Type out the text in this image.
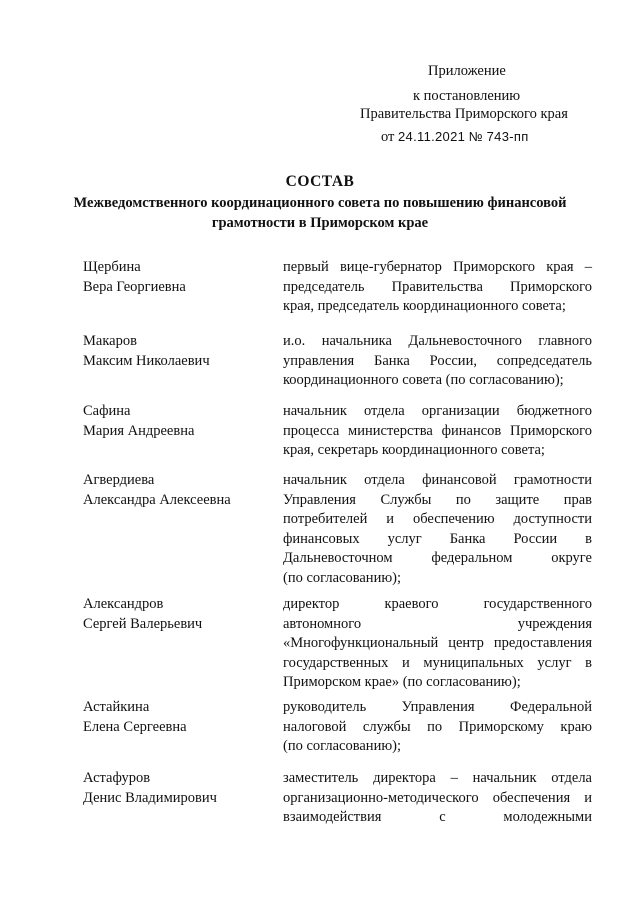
Приложение
к постановлению
Правительства Приморского края
от 24.11.2021 № 743-пп
СОСТАВ
Межведомственного координационного совета по повышению финансовой
грамотности в Приморском крае
Щербина
Вера Георгиевна
первый вице-губернатор Приморского края –
председатель Правительства Приморского
края, председатель координационного совета;
Макаров
Максим Николаевич
и.о. начальника Дальневосточного главного
управления Банка России, сопредседатель
координационного совета (по согласованию);
Сафина
Мария Андреевна
начальник отдела организации бюджетного
процесса министерства финансов Приморского
края, секретарь координационного совета;
Агвердиева
Александра Алексеевна
начальник отдела финансовой грамотности
Управления Службы по защите прав
потребителей и обеспечению доступности
финансовых услуг Банка России в
Дальневосточном федеральном округе
(по согласованию);
Александров
Сергей Валерьевич
директор краевого государственного
автономного учреждения
«Многофункциональный центр предоставления
государственных и муниципальных услуг в
Приморском крае» (по согласованию);
Астайкина
Елена Сергеевна
руководитель Управления Федеральной
налоговой службы по Приморскому краю
(по согласованию);
Астафуров
Денис Владимирович
заместитель директора – начальник отдела
организационно-методического обеспечения и
взаимодействия с молодежными
